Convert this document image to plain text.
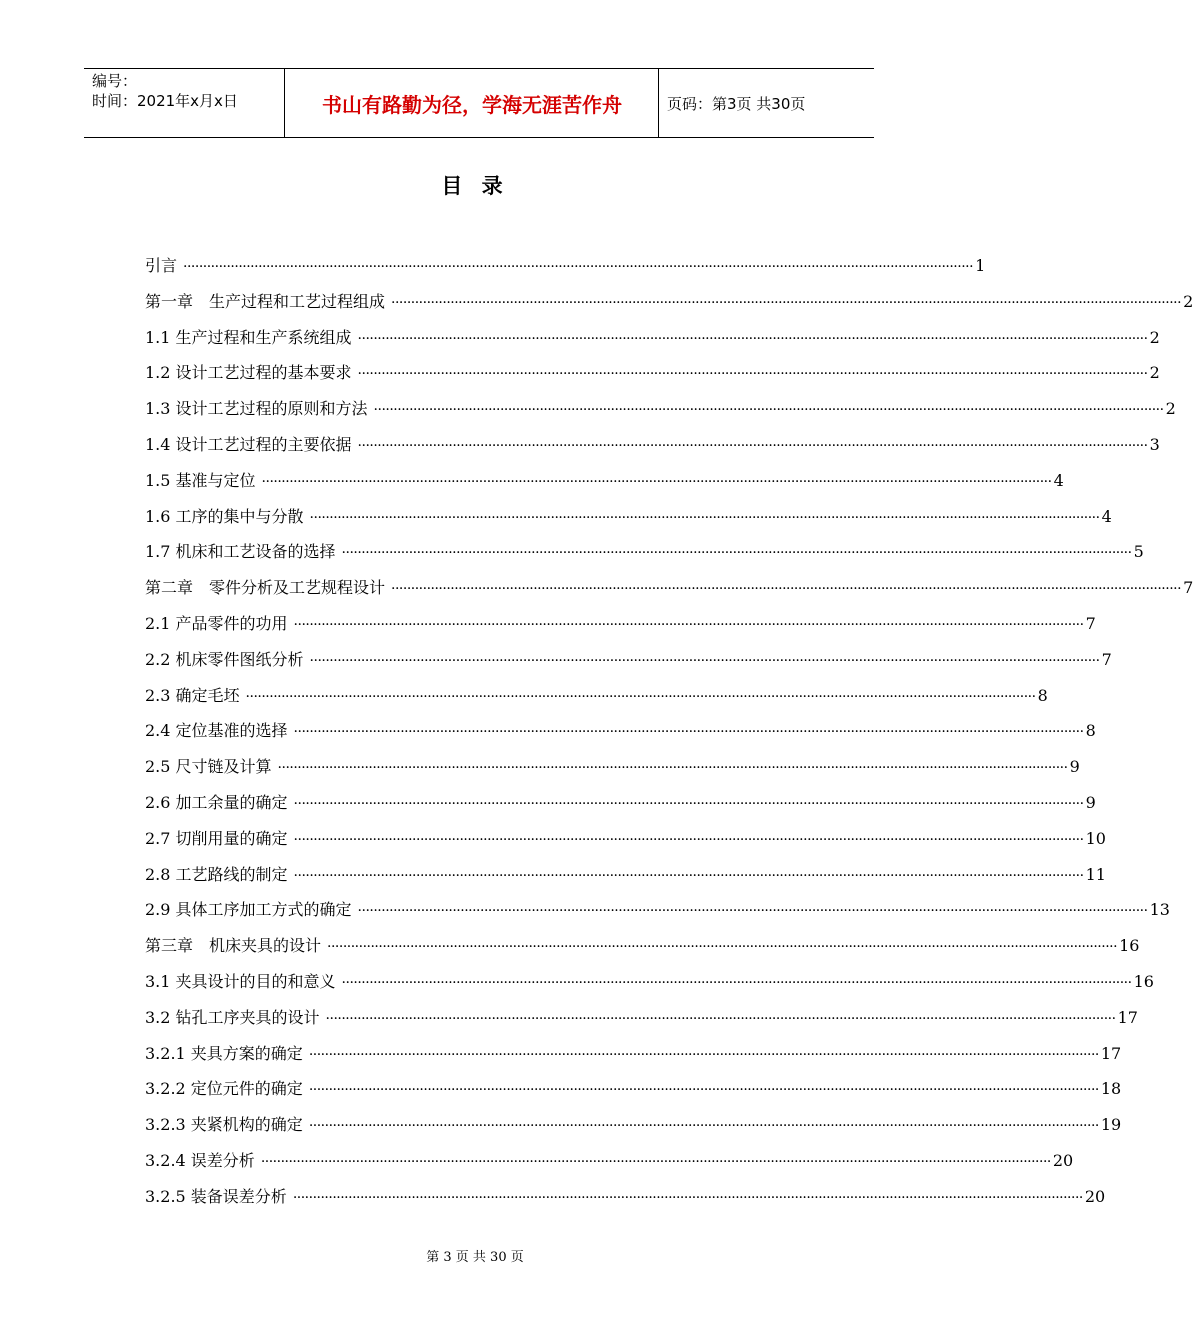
编号：
时间：2021年x月x日	书山有路勤为径，学海无涯苦作舟	页码：第3页 共30页
目 录
引言 ········································································································································································································ 1
第一章　生产过程和工艺过程组成 ········································································································································································································ 2
1.1 生产过程和生产系统组成 ········································································································································································································ 2
1.2 设计工艺过程的基本要求 ········································································································································································································ 2
1.3 设计工艺过程的原则和方法 ········································································································································································································ 2
1.4 设计工艺过程的主要依据 ········································································································································································································ 3
1.5 基准与定位 ········································································································································································································ 4
1.6 工序的集中与分散 ········································································································································································································ 4
1.7 机床和工艺设备的选择 ········································································································································································································ 5
第二章　零件分析及工艺规程设计 ········································································································································································································ 7
2.1 产品零件的功用 ········································································································································································································ 7
2.2 机床零件图纸分析 ········································································································································································································ 7
2.3 确定毛坯 ········································································································································································································ 8
2.4 定位基准的选择 ········································································································································································································ 8
2.5 尺寸链及计算 ········································································································································································································ 9
2.6 加工余量的确定 ········································································································································································································ 9
2.7 切削用量的确定 ········································································································································································································ 10
2.8 工艺路线的制定 ········································································································································································································ 11
2.9 具体工序加工方式的确定 ········································································································································································································ 13
第三章　机床夹具的设计 ········································································································································································································ 16
3.1 夹具设计的目的和意义 ········································································································································································································ 16
3.2 钻孔工序夹具的设计 ········································································································································································································ 17
3.2.1 夹具方案的确定 ········································································································································································································ 17
3.2.2 定位元件的确定 ········································································································································································································ 18
3.2.3 夹紧机构的确定 ········································································································································································································ 19
3.2.4 误差分析 ········································································································································································································ 20
3.2.5 装备误差分析 ········································································································································································································ 20
第 3 页 共 30 页
